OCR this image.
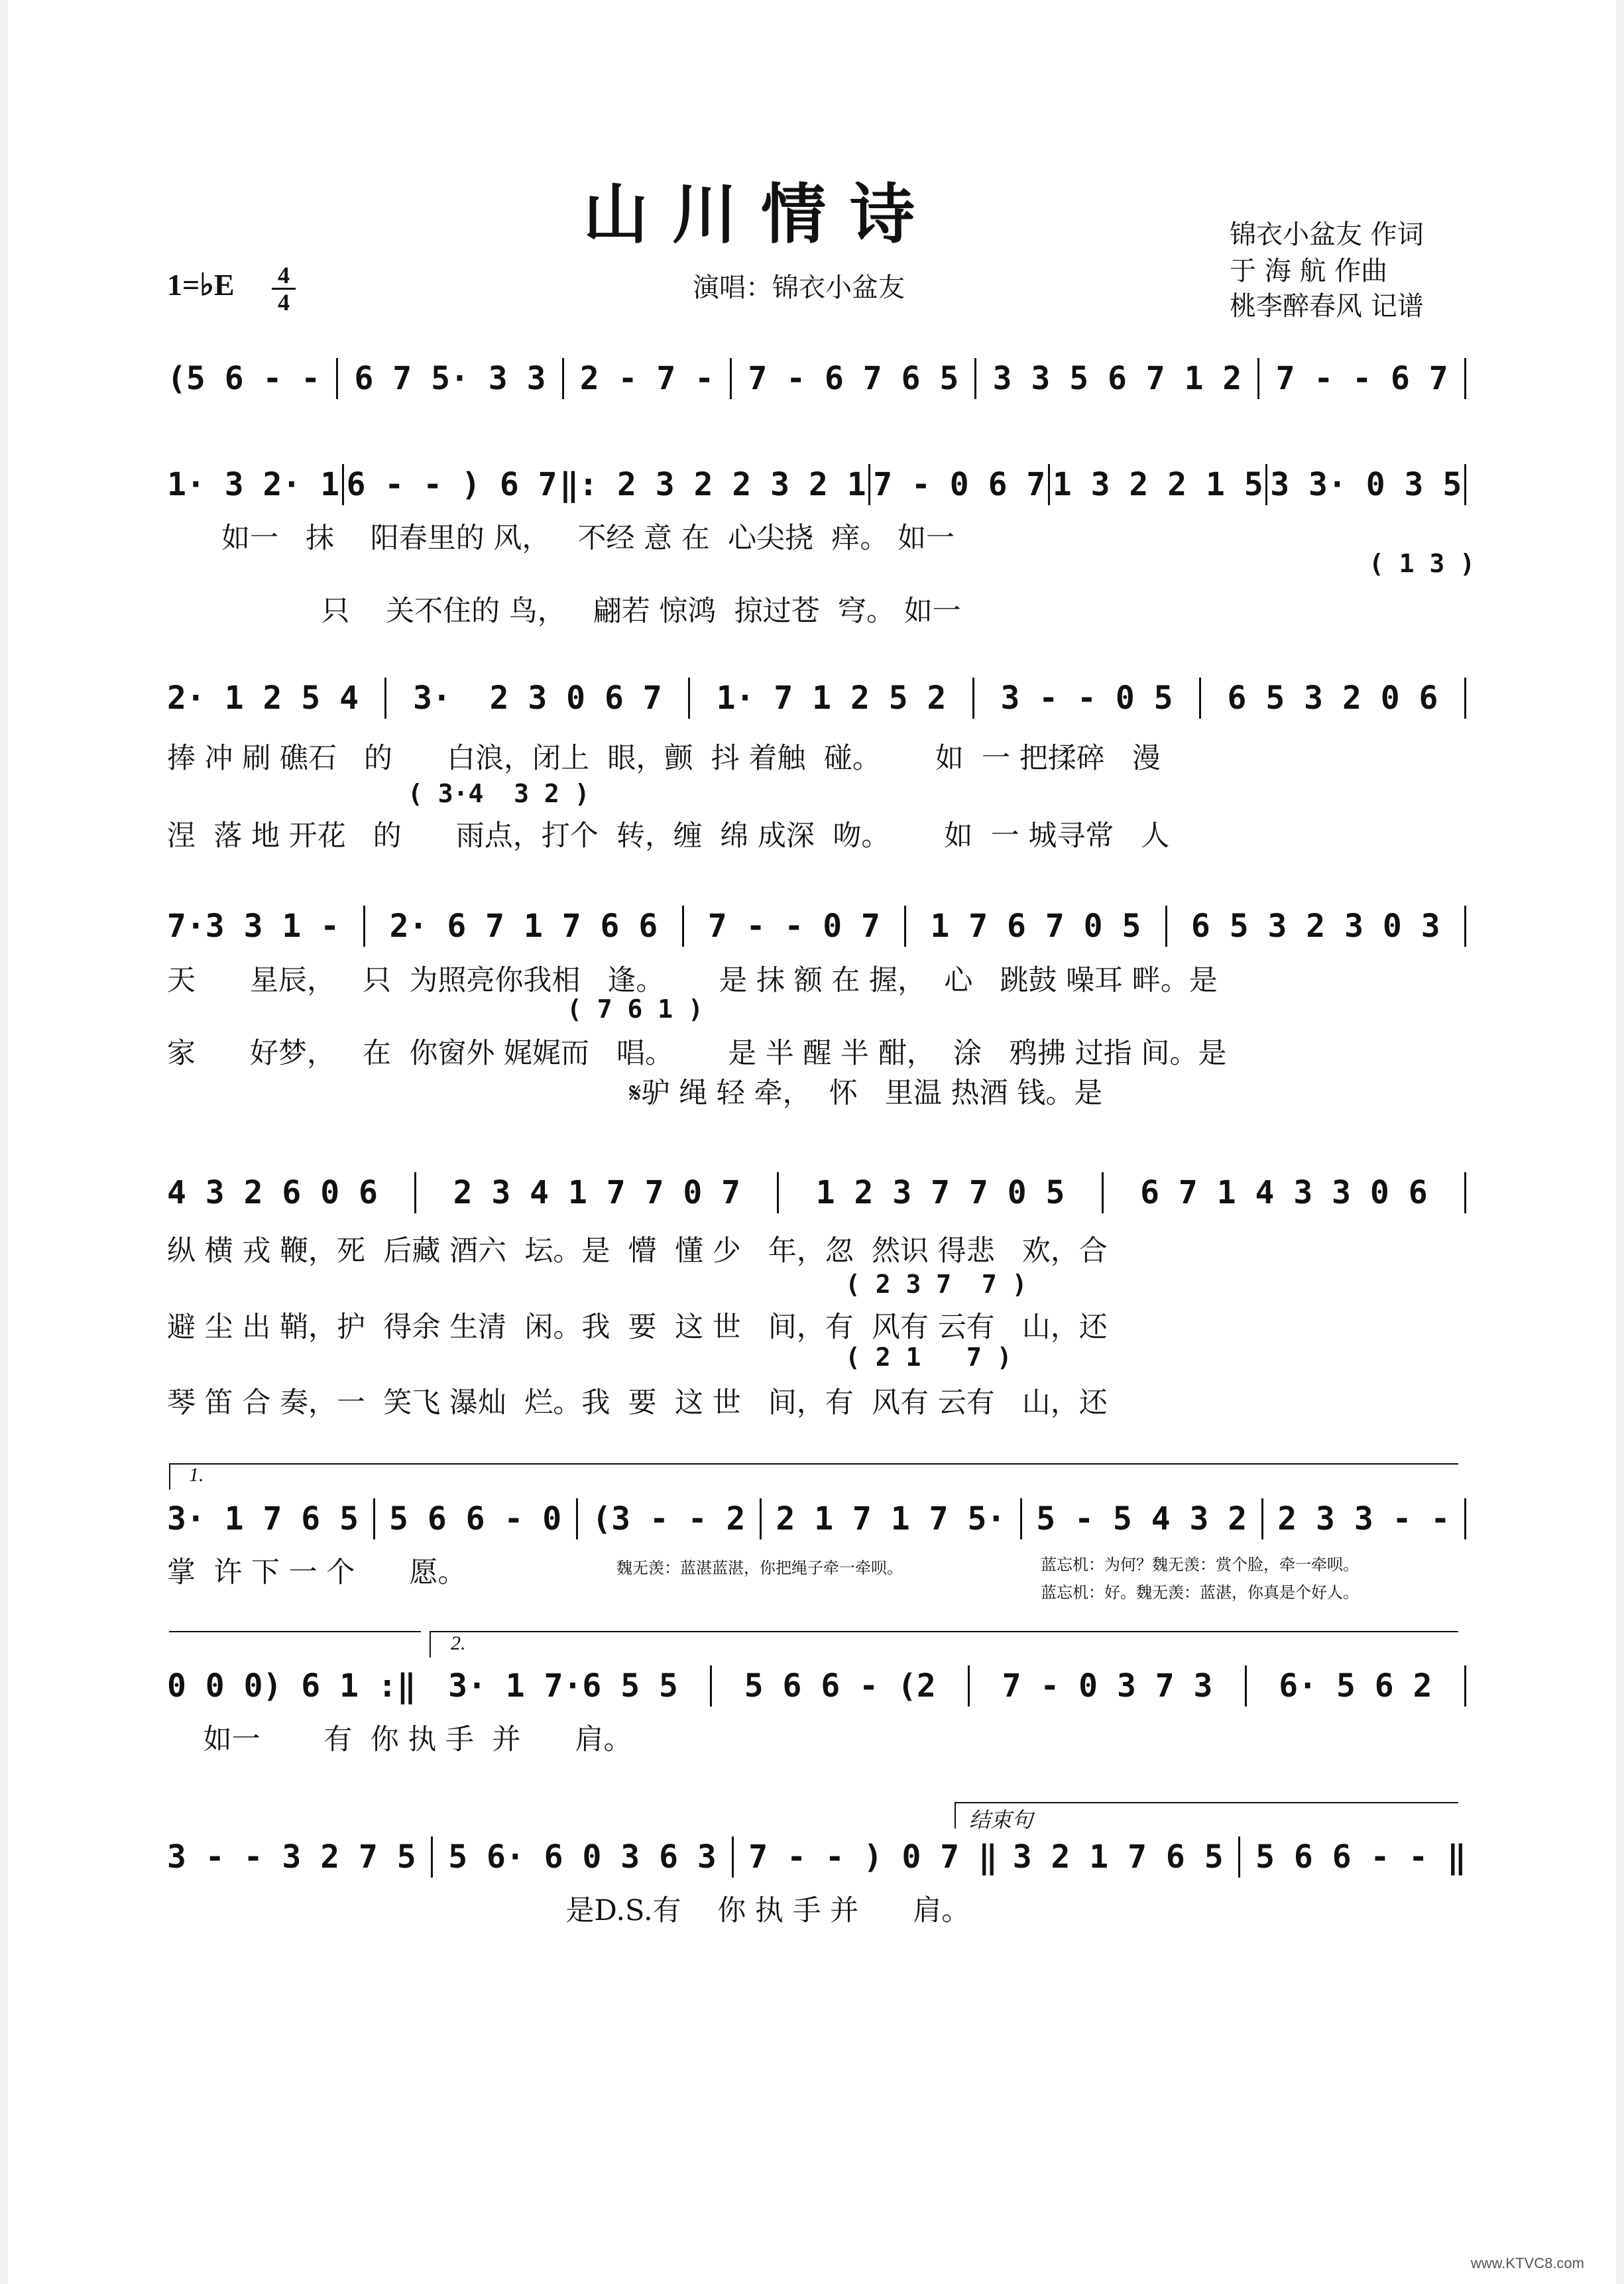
山川情诗	锦衣小盆友 作词
于 海 航 作曲
桃李醉春风 记谱
演唱：锦衣小盆友
1=♭E 4
4
(5 6 - - 6 7 5· 3 3 2 - 7 - 7 - 6 7 6 5 3 3 5 6 7 1 2 7 - - 6 7
1· 3 2· 1 6 - - ) 6 7 ‖: 2 3 2 2 3 2 1 7 - 0 6 7 1 3 2 2 1 5 3 3· 0 3 5
如一   抹    阳春里的 风，   不经 意 在  心尖挠  痒。 如一
( 1 3 )
只    关不住的 鸟，   翩若 惊鸿  掠过苍  穹。 如一
2· 1 2 5 4 3·  2 3 0 6 7 1· 7 1 2 5 2 3 - - 0 5 6 5 3 2 0 6
捧 冲 刷 礁石   的      白浪，闭上  眼，颤  抖 着触  碰。      如  一 把揉碎   漫
( 3·4  3 2 )
涅  落 地 开花   的      雨点，打个  转，缠  绵 成深  吻。      如  一 城寻常   人
7·3 3 1 - 2· 6 7 1 7 6 6 7 - - 0 7 1 7 6 7 0 5 6 5 3 2 3 0 3
天      星辰，   只  为照亮你我相   逢。      是 抹 额 在 握，  心   跳鼓 噪耳 畔。是
( 7 6 1 )
家      好梦，   在  你窗外 娓娓而   唱。      是 半 醒 半 酣，  涂   鸦拂 过指 间。是
𝄋驴 绳 轻 牵，  怀   里温 热酒 钱。是
4 3 2 6 0 6 2 3 4 1 7 7 0 7 1 2 3 7 7 0 5 6 7 1 4 3 3 0 6
纵 横 戎 鞭，死  后藏 酒六  坛。是  懵  懂 少   年，忽  然识 得悲   欢，合
( 2 3 7  7 )
避 尘 出 鞘，护  得余 生清  闲。我  要  这 世   间，有  风有 云有   山，还
( 2 1   7 )
琴 笛 合 奏，一  笑飞 瀑灿  烂。我  要  这 世   间，有  风有 云有   山，还
1.
3· 1 7 6 5 5 6 6 - 0 (3 - - 2 2 1 7 1 7 5· 5 - 5 4 3 2 2 3 3 - -
掌  许 下 一 个      愿。	魏无羡：蓝湛蓝湛，你把绳子牵一牵呗。	蓝忘机：为何？魏无羡：赏个脸，牵一牵呗。
蓝忘机：好。魏无羡：蓝湛，你真是个好人。
2.
0 0 0) 6 1 :‖ 3· 1 7·6 5 5 5 6 6 - (2 7 - 0 3 7 3 6· 5 6 2
如一       有  你 执 手  并      肩。
结束句
3 - - 3 2 7 5 5 6· 6 0 3 6 3 7 - - ) 0 7 ‖ 3 2 1 7 6 5 5 6 6 - - ‖
是D.S.有    你 执 手 并      肩。
www.KTVC8.com
